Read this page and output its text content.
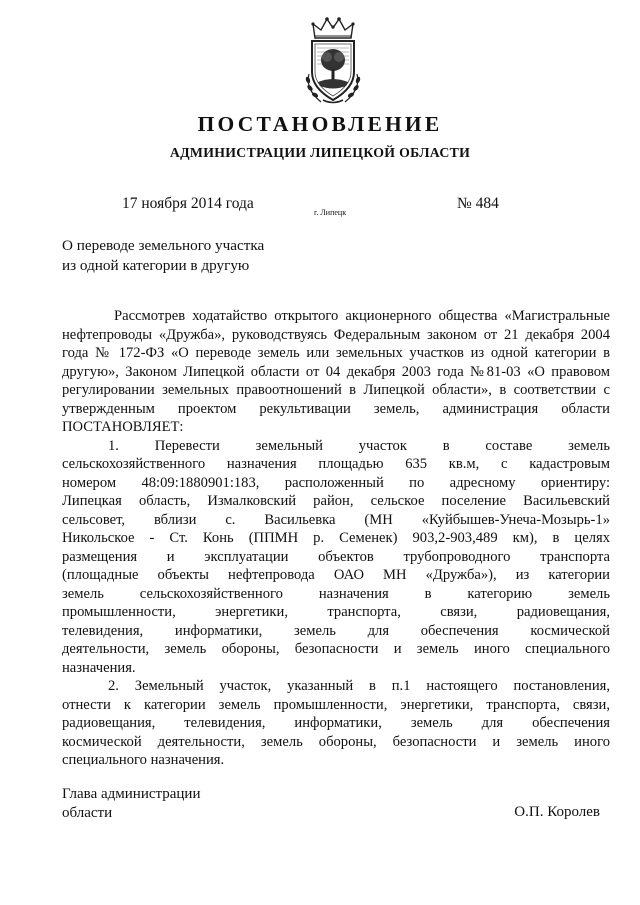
ПОСТАНОВЛЕНИЕ
АДМИНИСТРАЦИИ ЛИПЕЦКОЙ ОБЛАСТИ
17 ноября 2014 года
г. Липецк
№ 484
О переводе земельного участка
из одной категории в другую
Рассмотрев ходатайство открытого акционерного общества «Магистральные
нефтепроводы «Дружба», руководствуясь Федеральным законом от 21 декабря 2004
года № 172-ФЗ «О переводе земель или земельных участков из одной категории в
другую», Законом Липецкой области от 04 декабря 2003 года №81-03 «О правовом
регулировании земельных правоотношений в Липецкой области», в соответствии с
утвержденным проектом рекультивации земель, администрация области
ПОСТАНОВЛЯЕТ:
1. Перевести земельный участок в составе земель
сельскохозяйственного назначения площадью 635 кв.м, с кадастровым
номером 48:09:1880901:183, расположенный по адресному ориентиру:
Липецкая область, Измалковский район, сельское поселение Васильевский
сельсовет, вблизи с. Васильевка (МН «Куйбышев-Унеча-Мозырь-1»
Никольское - Ст. Конь (ППМН р. Семенек) 903,2-903,489 км), в целях
размещения и эксплуатации объектов трубопроводного транспорта
(площадные объекты нефтепровода ОАО МН «Дружба»), из категории
земель сельскохозяйственного назначения в категорию земель
промышленности, энергетики, транспорта, связи, радиовещания,
телевидения, информатики, земель для обеспечения космической
деятельности, земель обороны, безопасности и земель иного специального
назначения.
2. Земельный участок, указанный в п.1 настоящего постановления,
отнести к категории земель промышленности, энергетики, транспорта, связи,
радиовещания, телевидения, информатики, земель для обеспечения
космической деятельности, земель обороны, безопасности и земель иного
специального назначения.
Глава администрации
области	О.П. Королев
